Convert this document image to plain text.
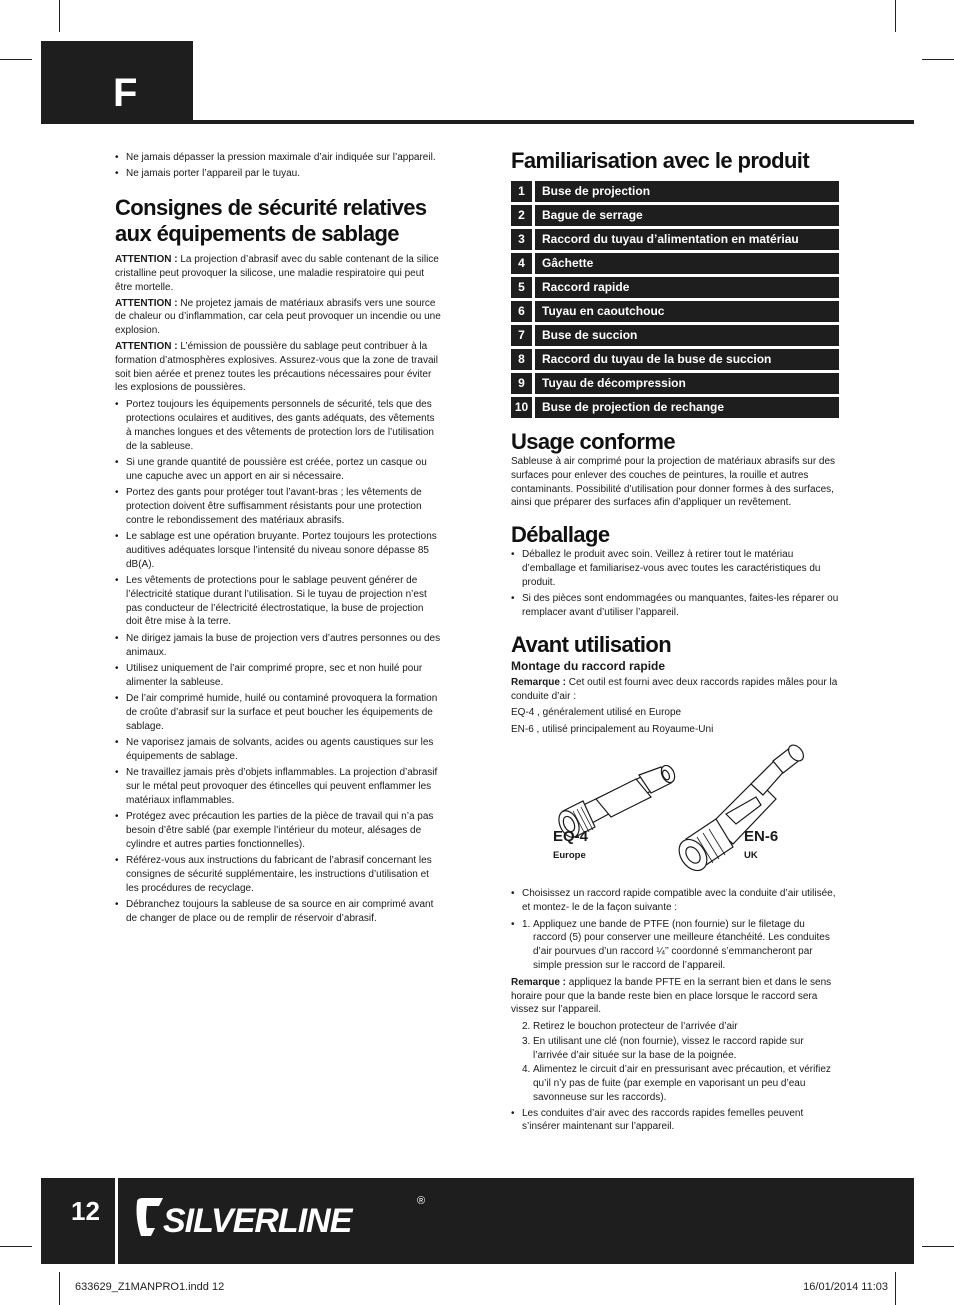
F
• Ne jamais dépasser la pression maximale d’air indiquée sur l’appareil.
• Ne jamais porter l’appareil par le tuyau.
Consignes de sécurité relatives
aux équipements de sablage

ATTENTION : La projection d’abrasif avec du sable contenant de la silice cristalline peut provoquer la silicose, une maladie respiratoire qui peut être mortelle.

ATTENTION : Ne projetez jamais de matériaux abrasifs vers une source de chaleur ou d’inflammation, car cela peut provoquer un incendie ou une explosion.

ATTENTION : L’émission de poussière du sablage peut contribuer à la formation d’atmosphères explosives. Assurez-vous que la zone de travail soit bien aérée et prenez toutes les précautions nécessaires pour éviter les explosions de poussières.

• Portez toujours les équipements personnels de sécurité, tels que des protections oculaires et auditives, des gants adéquats, des vêtements à manches longues et des vêtements de protection lors de l’utilisation de la sableuse.
• Si une grande quantité de poussière est créée, portez un casque ou une capuche avec un apport en air si nécessaire.
• Portez des gants pour protéger tout l’avant-bras ; les vêtements de protection doivent être suffisamment résistants pour une protection contre le rebondissement des matériaux abrasifs.
• Le sablage est une opération bruyante. Portez toujours les protections auditives adéquates lorsque l’intensité du niveau sonore dépasse 85 dB(A).
• Les vêtements de protections pour le sablage peuvent générer de l’électricité statique durant l’utilisation. Si le tuyau de projection n’est pas conducteur de l’électricité électrostatique, la buse de projection doit être mise à la terre.
• Ne dirigez jamais la buse de projection vers d’autres personnes ou des animaux.
• Utilisez uniquement de l’air comprimé propre, sec et non huilé pour alimenter la sableuse.
• De l’air comprimé humide, huilé ou contaminé provoquera la formation de croûte d’abrasif sur la surface et peut boucher les équipements de sablage.
• Ne vaporisez jamais de solvants, acides ou agents caustiques sur les équipements de sablage.
• Ne travaillez jamais près d’objets inflammables. La projection d’abrasif sur le métal peut provoquer des étincelles qui peuvent enflammer les matériaux inflammables.
• Protégez avec précaution les parties de la pièce de travail qui n’a pas besoin d’être sablé (par exemple l’intérieur du moteur, alésages de cylindre et autres parties fonctionnelles).
• Référez-vous aux instructions du fabricant de l’abrasif concernant les consignes de sécurité supplémentaire, les instructions d’utilisation et les procédures de recyclage.
• Débranchez toujours la sableuse de sa source en air comprimé avant de changer de place ou de remplir de réservoir d’abrasif.
Familiarisation avec le produit
1	Buse de projection
2	Bague de serrage
3	Raccord du tuyau d’alimentation en matériau
4	Gâchette
5	Raccord rapide
6	Tuyau en caoutchouc
7	Buse de succion
8	Raccord du tuyau de la buse de succion
9	Tuyau de décompression
10	Buse de projection de rechange
Usage conforme

Sableuse à air comprimé pour la projection de matériaux abrasifs sur des surfaces pour enlever des couches de peintures, la rouille et autres contaminants. Possibilité d’utilisation pour donner formes à des surfaces, ainsi que préparer des surfaces afin d’appliquer un revêtement.

Déballage
• Déballez le produit avec soin. Veillez à retirer tout le matériau d’emballage et familiarisez-vous avec toutes les caractéristiques du produit.
• Si des pièces sont endommagées ou manquantes, faites-les réparer ou remplacer avant d’utiliser l’appareil.
Avant utilisation
Montage du raccord rapide

Remarque : Cet outil est fourni avec deux raccords rapides mâles pour la conduite d’air :

EQ-4 , généralement utilisé en Europe

EN-6 , utilisé principalement au Royaume-Uni

EQ-4
Europe
EN-6
UK
• Choisissez un raccord rapide compatible avec la conduite d’air utilisée, et montez- le de la façon suivante :
• 1. Appliquez une bande de PTFE (non fournie) sur le filetage du raccord (5) pour conserver une meilleure étanchéité. Les conduites d’air pourvues d’un raccord ¼’’ coordonné s’emmancheront par simple pression sur le raccord de l’appareil.

Remarque : appliquez la bande PFTE en la serrant bien et dans le sens horaire pour que la bande reste bien en place lorsque le raccord sera vissez sur l’appareil.

2. Retirez le bouchon protecteur de l’arrivée d’air
3. En utilisant une clé (non fournie), vissez le raccord rapide sur l’arrivée d’air située sur la base de la poignée.
4. Alimentez le circuit d’air en pressurisant avec précaution, et vérifiez qu’il n’y pas de fuite (par exemple en vaporisant un peu d’eau savonneuse sur les raccords).
• Les conduites d’air avec des raccords rapides femelles peuvent s’insérer maintenant sur l’appareil.
12 SILVERLINE
®
633629_Z1MANPRO1.indd 12	16/01/2014 11:03
